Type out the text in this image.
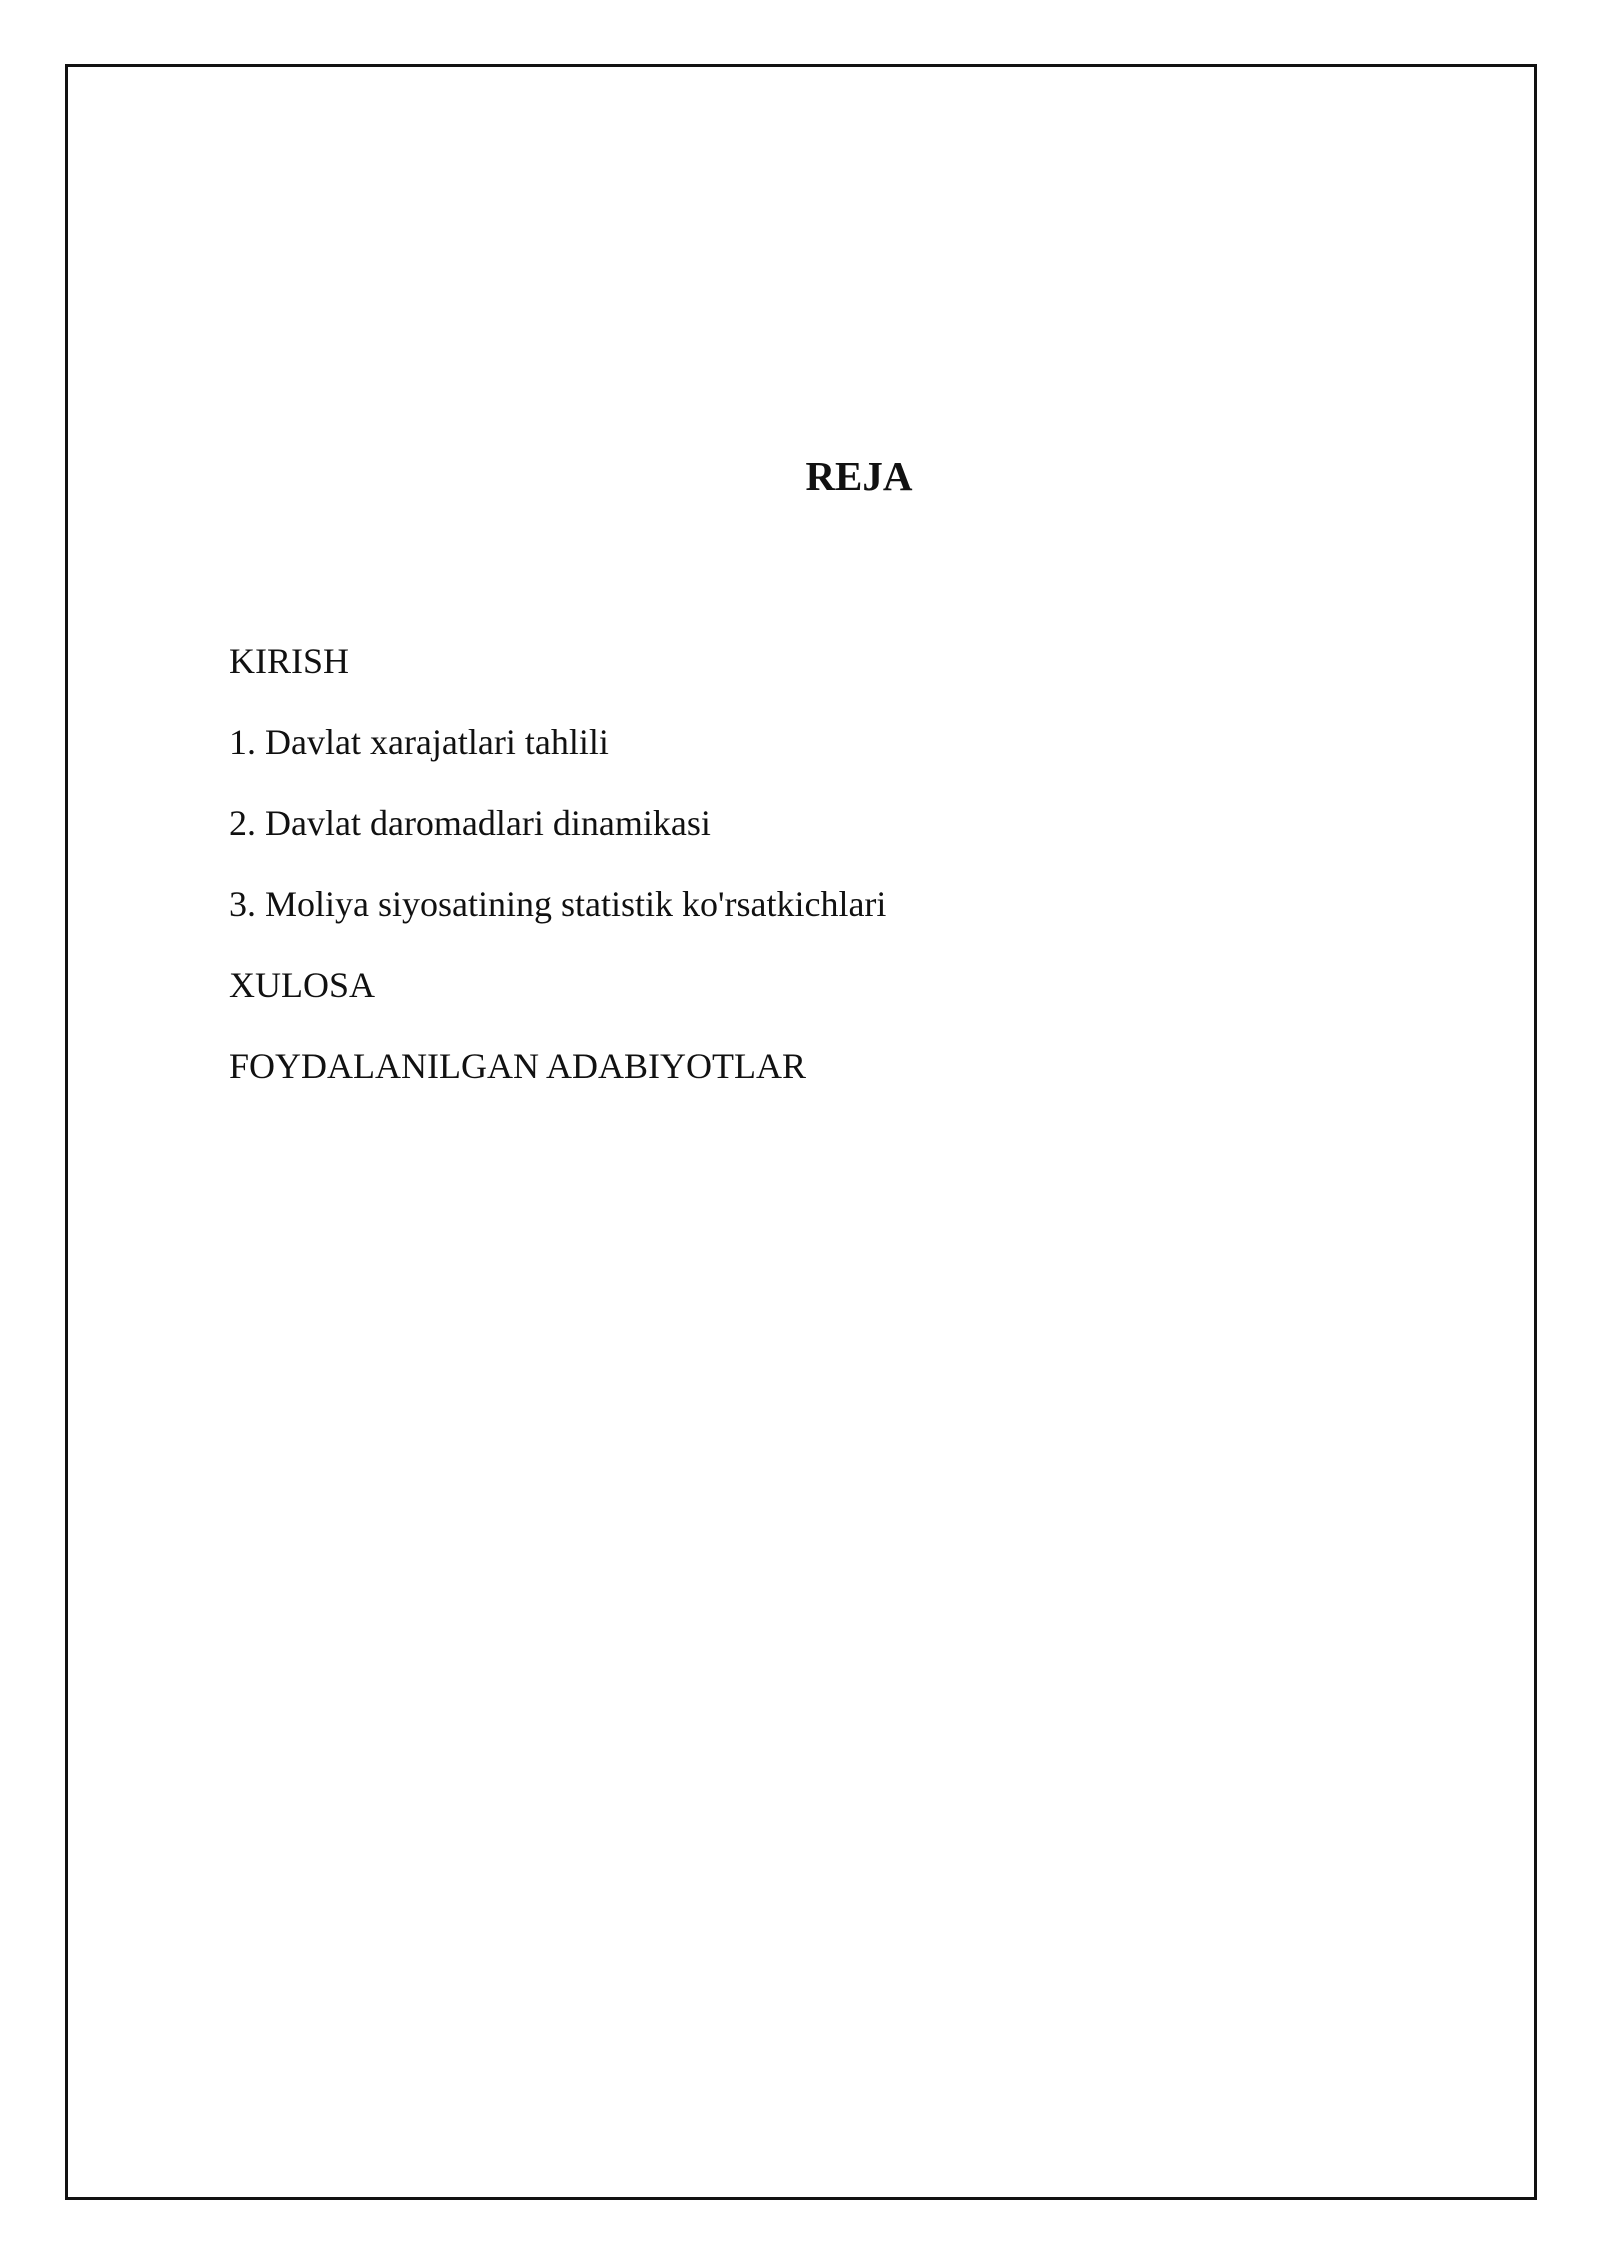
REJA
KIRISH
1. Davlat xarajatlari tahlili
2. Davlat daromadlari dinamikasi
3. Moliya siyosatining statistik ko'rsatkichlari
XULOSA
FOYDALANILGAN ADABIYOTLAR
